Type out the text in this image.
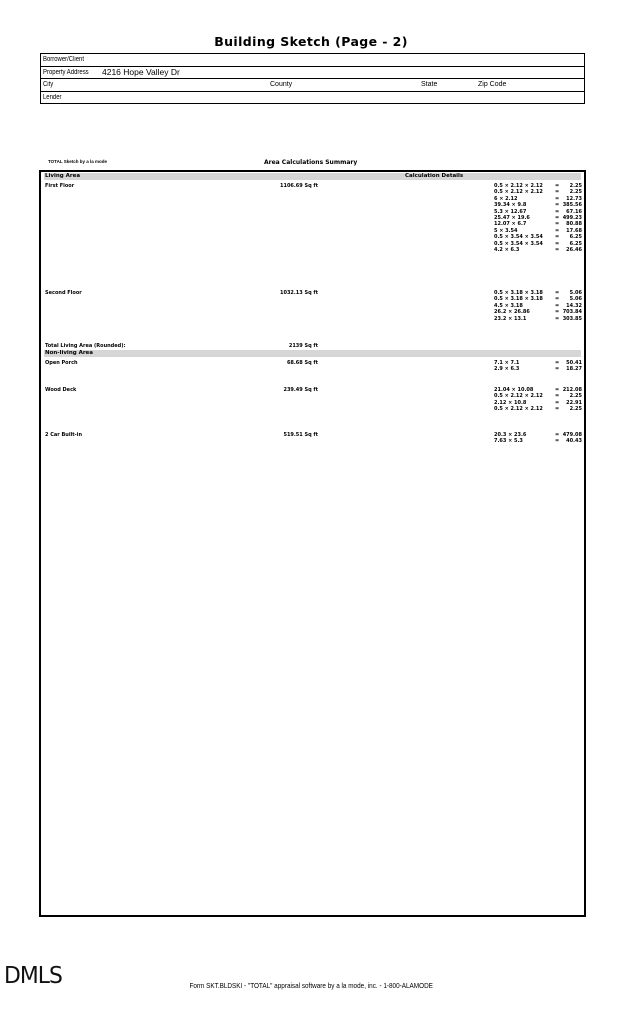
Building Sketch (Page - 2)
Borrower/Client
Property Address 4216 Hope Valley Dr
City	County	State	Zip Code
Lender
TOTAL Sketch by a la mode	Area Calculations Summary
Living Area	Calculation Details
First Floor	1106.69 Sq ft	0.5 × 2.12 × 2.12 = 2.25
0.5 × 2.12 × 2.12 = 2.25
6 × 2.12	= 12.73
39.34 × 9.8	= 385.56
5.3 × 12.67	= 67.16
25.47 × 19.6	= 499.23
12.07 × 6.7	= 80.88
5 × 3.54	= 17.68
0.5 × 3.54 × 3.54 = 6.25
0.5 × 3.54 × 3.54 = 6.25
4.2 × 6.3	= 26.46
Second Floor	1032.13 Sq ft	0.5 × 3.18 × 3.18 = 5.06
0.5 × 3.18 × 3.18 = 5.06
4.5 × 3.18	= 14.32
26.2 × 26.86	= 703.84
23.2 × 13.1	= 303.85
Total Living Area (Rounded):	2139 Sq ft
Non-living Area
Open Porch	68.68 Sq ft	7.1 × 7.1	= 50.41
2.9 × 6.3	= 18.27
Wood Deck	239.49 Sq ft	21.04 × 10.08	= 212.08
0.5 × 2.12 × 2.12 = 2.25
2.12 × 10.8	= 22.91
0.5 × 2.12 × 2.12 = 2.25
2 Car Built-in	519.51 Sq ft	20.3 × 23.6	= 479.08
7.63 × 5.3	= 40.43
DMLS	Form SKT.BLDSKI - "TOTAL" appraisal software by a la mode, inc. - 1-800-ALAMODE
